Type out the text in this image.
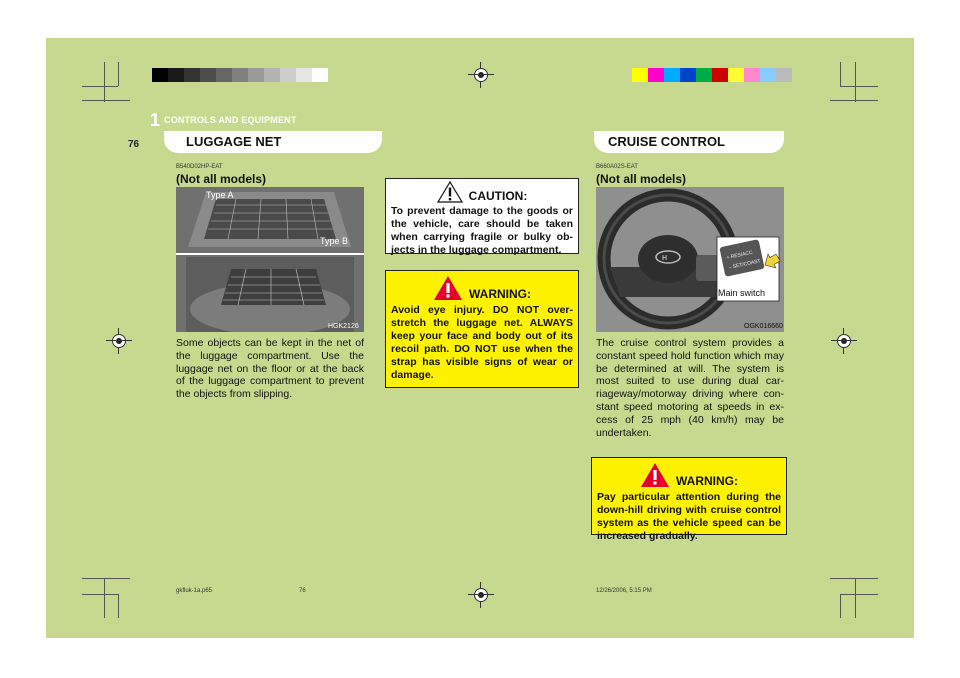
1 CONTROLS AND EQUIPMENT
76	LUGGAGE NET	CRUISE CONTROL
B540D02HP-EAT
(Not all models)
Type A
Type B
HGK2126
Some objects can be kept in the net of the luggage compartment. Use the luggage net on the floor or at the back of the luggage compartment to prevent the objects from slipping.
CAUTION:
To prevent damage to the goods or the vehicle, care should be taken when carrying fragile or bulky ob-jects in the luggage compartment.
WARNING:
Avoid eye injury. DO NOT over-stretch the luggage net. ALWAYS keep your face and body out of its recoil path. DO NOT use when the strap has visible signs of wear or damage.
B660A02S-EAT
(Not all models)
H	+ RES/ACC
– SET/COAST
Main switch
OGK016660
The cruise control system provides a constant speed hold function which may be determined at will. The system is most suited to use during dual car-riageway/motorway driving where con-stant speed motoring at speeds in ex-cess of 25 mph (40 km/h) may be undertaken.
WARNING:
Pay particular attention during the down-hill driving with cruise control system as the vehicle speed can be increased gradually.
gkfluk-1a.p65	76	12/26/2006, 5:15 PM
